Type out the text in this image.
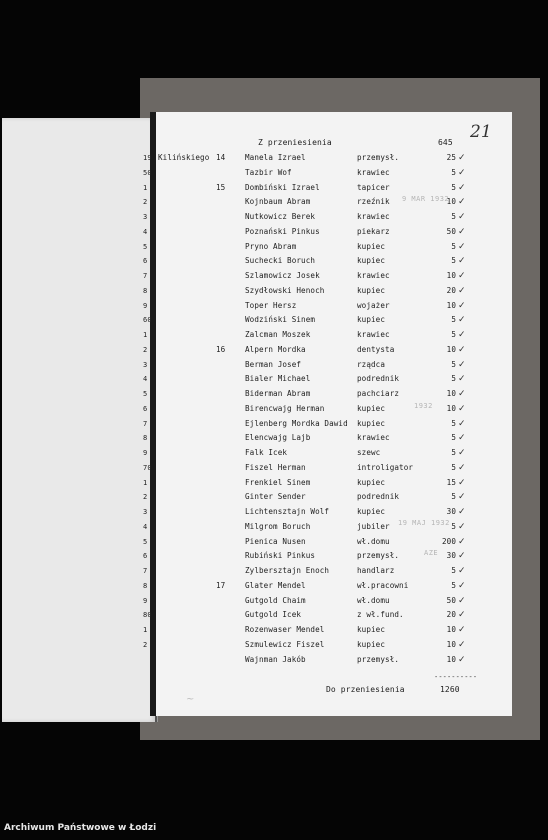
Z przeniesienia	645
21
19 Kilińskiego 14	Manela Izrael	przemysł.	25 ✓
50	Tazbir Wof	krawiec	5 ✓
1	15	Dombiński Izrael	tapicer	5 ✓
2	Kojnbaum Abram	rzeźnik	10 ✓
3	Nutkowicz Berek	krawiec	5 ✓
4	Poznański Pinkus	piekarz	50 ✓
5	Pryno Abram	kupiec	5 ✓
6	Suchecki Boruch	kupiec	5 ✓
7	Szlamowicz Josek	krawiec	10 ✓
8	Szydłowski Henoch	kupiec	20 ✓
9	Toper Hersz	wojażer	10 ✓
60	Wodziński Sinem	kupiec	5 ✓
1	Zalcman Moszek	krawiec	5 ✓
2	16	Alpern Mordka	dentysta	10 ✓
3	Berman Josef	rządca	5 ✓
4	Bialer Michael	podrednik	5 ✓
5	Biderman Abram	pachciarz	10 ✓
6	Birencwajg Herman	kupiec	10 ✓
7	Ejlenberg Mordka Dawid kupiec	5 ✓
8	Elencwajg Lajb	krawiec	5 ✓
9	Falk Icek	szewc	5 ✓
70	Fiszel Herman	introligator	5 ✓
1	Frenkiel Sinem	kupiec	15 ✓
2	Ginter Sender	podrednik	5 ✓
3	Lichtensztajn Wolf	kupiec	30 ✓
4	Milgrom Boruch	jubiler	5 ✓
5	Pienica Nusen	wł.domu	200 ✓
6	Rubiński Pinkus	przemysł.	30 ✓
7	Zylbersztajn Enoch	handlarz	5 ✓
8	17	Glater Mendel	wł.pracowni	5 ✓
9	Gutgold Chaim	wł.domu	50 ✓
80	Gutgold Icek	z wł.fund.	20 ✓
1	Rozenwaser Mendel	kupiec	10 ✓
2	Szmulewicz Fiszel	kupiec	10 ✓
Wajnman Jakób	przemysł.	10 ✓
9 MAR 1932
1932
19 MAJ 1932
AZE
----------
Do przeniesienia	1260
~
Archiwum Państwowe w Łodzi
